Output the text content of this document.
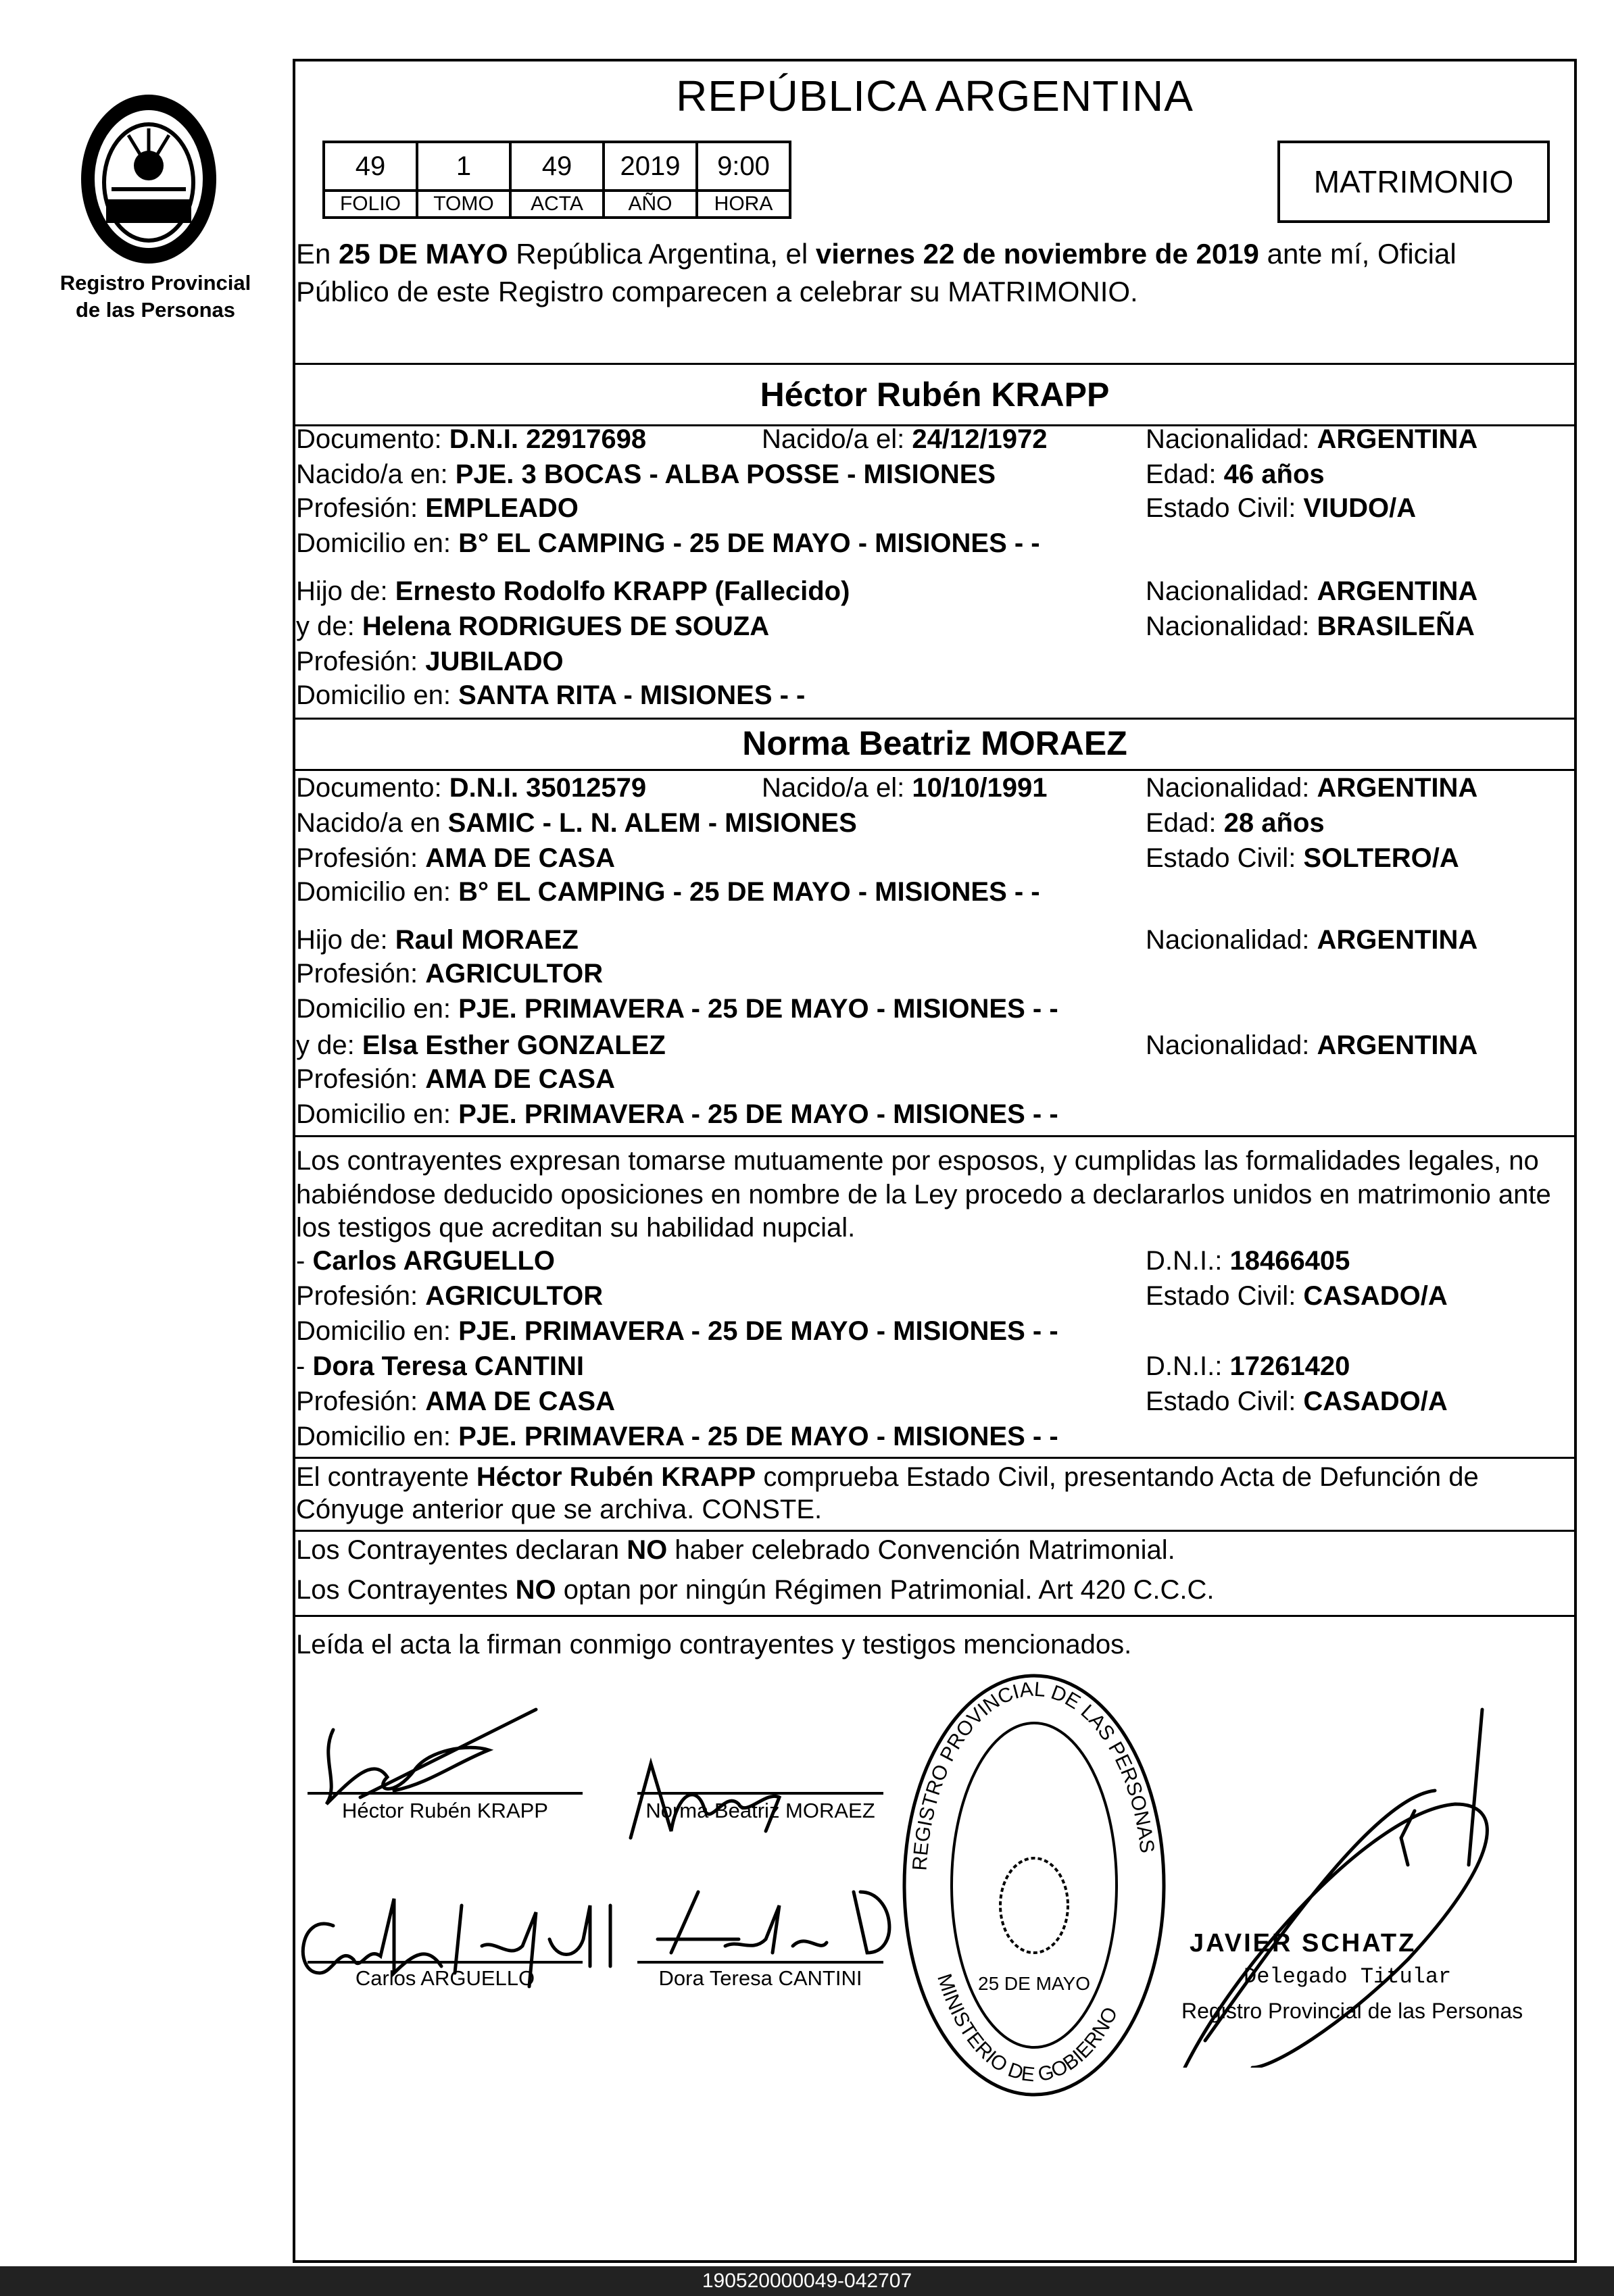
Registro Provincial
de las Personas
REPÚBLICA ARGENTINA
49	1	49	2019	9:00
FOLIO	TOMO	ACTA	AÑO	HORA
MATRIMONIO
En 25 DE MAYO República Argentina, el viernes 22 de noviembre de 2019 ante mí, Oficial
Público de este Registro comparecen a celebrar su MATRIMONIO.
Héctor Rubén KRAPP
Documento: D.N.I. 22917698	Nacido/a el: 24/12/1972	Nacionalidad: ARGENTINA
Nacido/a en: PJE. 3 BOCAS - ALBA POSSE - MISIONES	Edad: 46 años
Profesión: EMPLEADO	Estado Civil: VIUDO/A
Domicilio en: B° EL CAMPING - 25 DE MAYO - MISIONES - -
Hijo de: Ernesto Rodolfo KRAPP (Fallecido)	Nacionalidad: ARGENTINA
y de: Helena RODRIGUES DE SOUZA	Nacionalidad: BRASILEÑA
Profesión: JUBILADO
Domicilio en: SANTA RITA - MISIONES - -
Norma Beatriz MORAEZ
Documento: D.N.I. 35012579	Nacido/a el: 10/10/1991	Nacionalidad: ARGENTINA
Nacido/a en SAMIC - L. N. ALEM - MISIONES	Edad: 28 años
Profesión: AMA DE CASA	Estado Civil: SOLTERO/A
Domicilio en: B° EL CAMPING - 25 DE MAYO - MISIONES - -
Hijo de: Raul MORAEZ	Nacionalidad: ARGENTINA
Profesión: AGRICULTOR
Domicilio en: PJE. PRIMAVERA - 25 DE MAYO - MISIONES - -
y de: Elsa Esther GONZALEZ	Nacionalidad: ARGENTINA
Profesión: AMA DE CASA
Domicilio en: PJE. PRIMAVERA - 25 DE MAYO - MISIONES - -
Los contrayentes expresan tomarse mutuamente por esposos, y cumplidas las formalidades legales, no
habiéndose deducido oposiciones en nombre de la Ley procedo a declararlos unidos en matrimonio ante
los testigos que acreditan su habilidad nupcial.
- Carlos ARGUELLO	D.N.I.: 18466405
Profesión: AGRICULTOR	Estado Civil: CASADO/A
Domicilio en: PJE. PRIMAVERA - 25 DE MAYO - MISIONES - -
- Dora Teresa CANTINI	D.N.I.: 17261420
Profesión: AMA DE CASA	Estado Civil: CASADO/A
Domicilio en: PJE. PRIMAVERA - 25 DE MAYO - MISIONES - -
El contrayente Héctor Rubén KRAPP comprueba Estado Civil, presentando Acta de Defunción de
Cónyuge anterior que se archiva. CONSTE.
Los Contrayentes declaran NO haber celebrado Convención Matrimonial.
Los Contrayentes NO optan por ningún Régimen Patrimonial. Art 420 C.C.C.
Leída el acta la firman conmigo contrayentes y testigos mencionados.
Héctor Rubén KRAPP	Norma Beatriz MORAEZ
Carlos ARGUELLO	Dora Teresa CANTINI
REGISTRO PROVINCIAL DE LAS PERSONAS
MINISTERIO DE GOBIERNO
25 DE MAYO
JAVIER SCHATZ
Delegado Titular
Registro Provincial de las Personas
190520000049-042707
